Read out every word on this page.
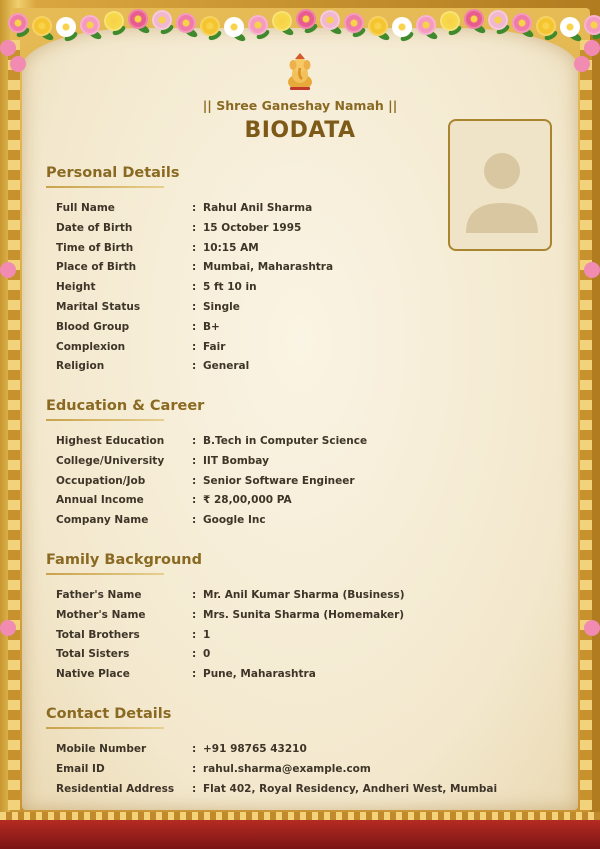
|| Shree Ganeshay Namah ||
BIODATA
Personal Details
Full Name	: Rahul Anil Sharma
Date of Birth	: 15 October 1995
Time of Birth	: 10:15 AM
Place of Birth	: Mumbai, Maharashtra
Height	: 5 ft 10 in
Marital Status	: Single
Blood Group	: B+
Complexion	: Fair
Religion	: General
Education & Career
Highest Education	: B.Tech in Computer Science
College/University	: IIT Bombay
Occupation/Job	: Senior Software Engineer
Annual Income	: ₹ 28,00,000 PA
Company Name	: Google Inc
Family Background
Father's Name	: Mr. Anil Kumar Sharma (Business)
Mother's Name	: Mrs. Sunita Sharma (Homemaker)
Total Brothers	: 1
Total Sisters	: 0
Native Place	: Pune, Maharashtra
Contact Details
Mobile Number	: +91 98765 43210
Email ID	: rahul.sharma@example.com
Residential Address : Flat 402, Royal Residency, Andheri West, Mumbai
